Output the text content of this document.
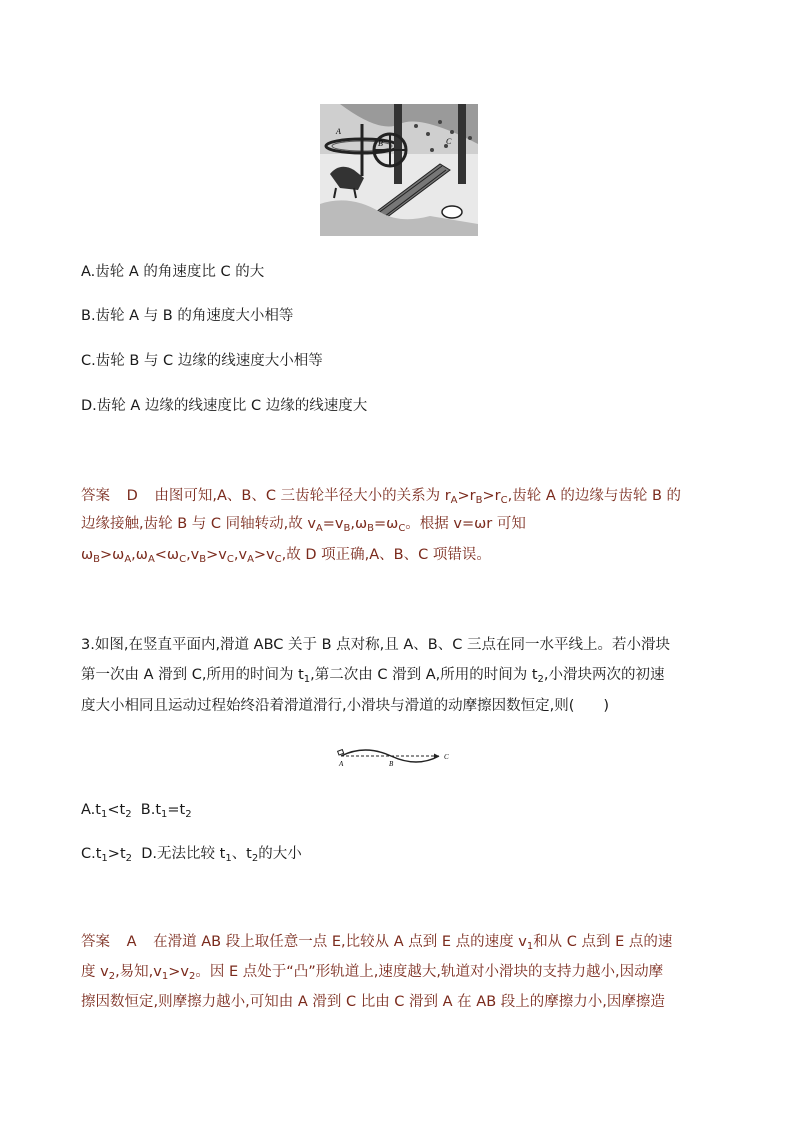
A
B	C
A.齿轮 A 的角速度比 C 的大
B.齿轮 A 与 B 的角速度大小相等
C.齿轮 B 与 C 边缘的线速度大小相等
D.齿轮 A 边缘的线速度比 C 边缘的线速度大
答案 D 由图可知,A、B、C 三齿轮半径大小的关系为 $r_A>r_B>r_C$,齿轮 A 的边缘与齿轮 B 的
边缘接触,齿轮 B 与 C 同轴转动,故 $v_A=v_B,\omega_B=\omega_C$。根据 v=ωr 可知
$\omega_B>\omega_A,\omega_A<\omega_C,v_B>v_C,v_A>v_C$,故 D 项正确,A、B、C 项错误。
3.如图,在竖直平面内,滑道 ABC 关于 B 点对称,且 A、B、C 三点在同一水平线上。若小滑块
第一次由 A 滑到 C,所用的时间为 $t_1$,第二次由 C 滑到 A,所用的时间为 $t_2$,小滑块两次的初速
度大小相同且运动过程始终沿着滑道滑行,小滑块与滑道的动摩擦因数恒定,则(　　)
A	B
C
$A.t_1<t_2$ $B.t_1=t_2$
$C.t_1>t_2$ D.无法比较 $t_1$、$t_2$的大小
答案 A 在滑道 AB 段上取任意一点 E,比较从 A 点到 E 点的速度 $v_1$和从 C 点到 E 点的速
度 $v_2$,易知$,v_1>v_2$。因 E 点处于“凸”形轨道上,速度越大,轨道对小滑块的支持力越小,因动摩
擦因数恒定,则摩擦力越小,可知由 A 滑到 C 比由 C 滑到 A 在 AB 段上的摩擦力小,因摩擦造
